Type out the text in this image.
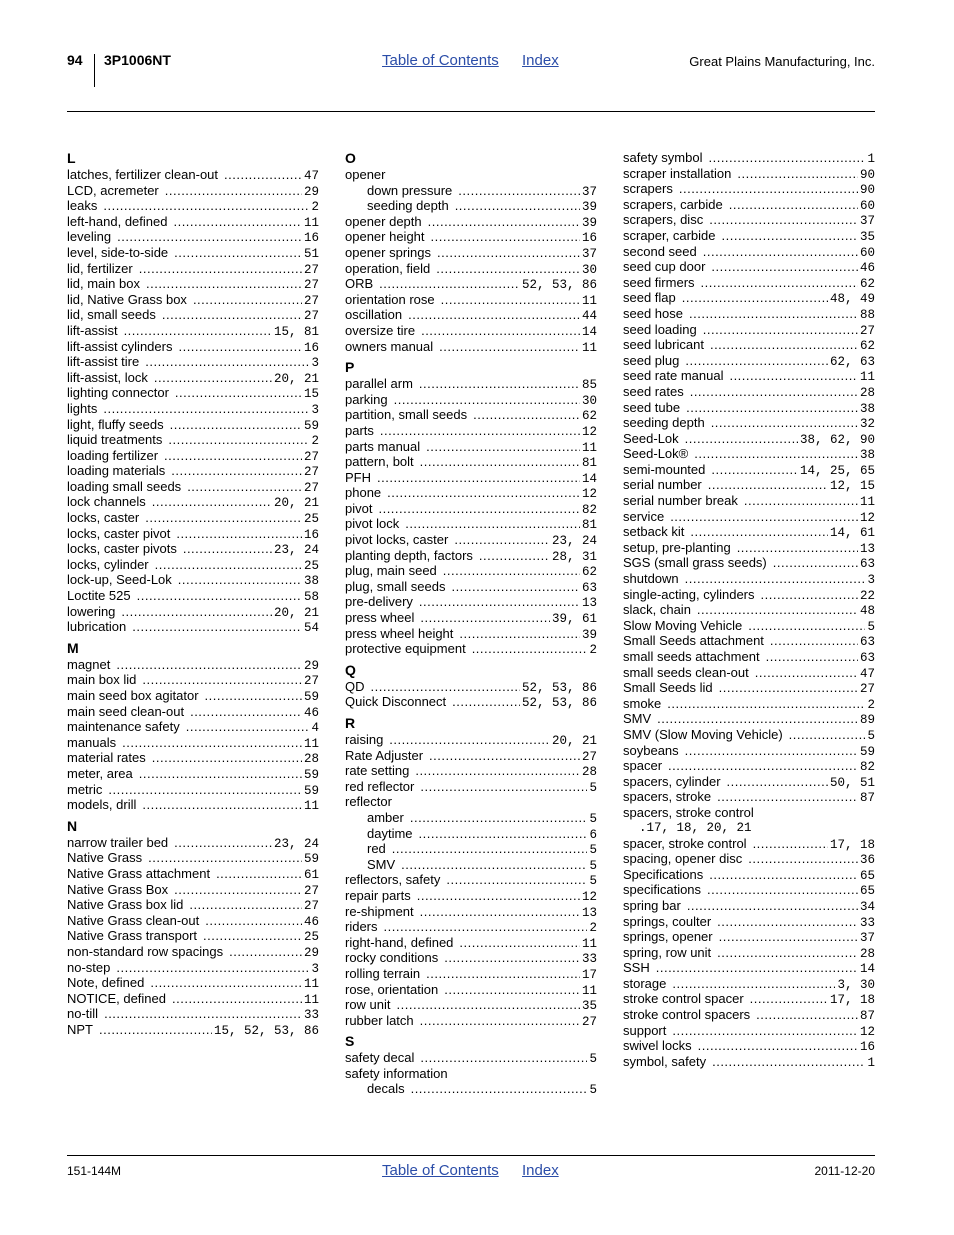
94 3P1006NT	Table of Contents Index	Great Plains Manufacturing, Inc.
L
latches, fertilizer clean-out .....	47
LCD, acremeter .....	29
leaks .....	2
left-hand, defined .....	11
leveling .....	16
level, side-to-side .....	51
lid, fertilizer .....	27
lid, main box .....	27
lid, Native Grass box .....	27
lid, small seeds .....	27
lift-assist .....	15, 81
lift-assist cylinders .....	16
lift-assist tire .....	3
lift-assist, lock .....	20, 21
lighting connector .....	15
lights .....	3
light, fluffy seeds .....	59
liquid treatments .....	2
loading fertilizer .....	27
loading materials .....	27
loading small seeds .....	27
lock channels .....	20, 21
locks, caster .....	25
locks, caster pivot .....	16
locks, caster pivots .....	23, 24
locks, cylinder .....	25
lock-up, Seed-Lok .....	38
Loctite 525 .....	58
lowering .....	20, 21
lubrication .....	54
M
magnet .....	29
main box lid .....	27
main seed box agitator .....	59
main seed clean-out .....	46
maintenance safety .....	4
manuals .....	11
material rates .....	28
meter, area .....	59
metric .....	59
models, drill .....	11
N
narrow trailer bed .....	23, 24
Native Grass .....	59
Native Grass attachment .....	61
Native Grass Box .....	27
Native Grass box lid .....	27
Native Grass clean-out .....	46
Native Grass transport .....	25
non-standard row spacings .....	29
no-step .....	3
Note, defined .....	11
NOTICE, defined .....	11
no-till .....	33
NPT .....	15, 52, 53, 86
O
opener
down pressure .....	37
seeding depth .....	39
opener depth .....	39
opener height .....	16
opener springs .....	37
operation, field .....	30
ORB .....	52, 53, 86
orientation rose .....	11
oscillation .....	44
oversize tire .....	14
owners manual .....	11
P
parallel arm .....	85
parking .....	30
partition, small seeds .....	62
parts .....	12
parts manual .....	11
pattern, bolt .....	81
PFH .....	14
phone .....	12
pivot .....	82
pivot lock .....	81
pivot locks, caster .....	23, 24
planting depth, factors .....	28, 31
plug, main seed .....	62
plug, small seeds .....	63
pre-delivery .....	13
press wheel .....	39, 61
press wheel height .....	39
protective equipment .....	2
Q
QD .....	52, 53, 86
Quick Disconnect .....	52, 53, 86
R
raising .....	20, 21
Rate Adjuster .....	27
rate setting .....	28
red reflector .....	5
reflector
amber .....	5
daytime .....	6
red .....	5
SMV .....	5
reflectors, safety .....	5
repair parts .....	12
re-shipment .....	13
riders .....	2
right-hand, defined .....	11
rocky conditions .....	33
rolling terrain .....	17
rose, orientation .....	11
row unit .....	35
rubber latch .....	27
S
safety decal .....	5
safety information
decals .....	5
safety symbol .....	1
scraper installation .....	90
scrapers .....	90
scrapers, carbide .....	60
scrapers, disc .....	37
scraper, carbide .....	35
second seed .....	60
seed cup door .....	46
seed firmers .....	62
seed flap .....	48, 49
seed hose .....	88
seed loading .....	27
seed lubricant .....	62
seed plug .....	62, 63
seed rate manual .....	11
seed rates .....	28
seed tube .....	38
seeding depth .....	32
Seed-Lok .....	38, 62, 90
Seed-Lok® .....	38
semi-mounted .....	14, 25, 65
serial number .....	12, 15
serial number break .....	11
service .....	12
setback kit .....	14, 61
setup, pre-planting .....	13
SGS (small grass seeds) .....	63
shutdown .....	3
single-acting, cylinders .....	22
slack, chain .....	48
Slow Moving Vehicle .....	5
Small Seeds attachment .....	63
small seeds attachment .....	63
small seeds clean-out .....	47
Small Seeds lid .....	27
smoke .....	2
SMV .....	89
SMV (Slow Moving Vehicle) .....	5
soybeans .....	59
spacer .....	82
spacers, cylinder .....	50, 51
spacers, stroke .....	87
spacers, stroke control
.17, 18, 20, 21
spacer, stroke control .....	17, 18
spacing, opener disc .....	36
Specifications .....	65
specifications .....	65
spring bar .....	34
springs, coulter .....	33
springs, opener .....	37
spring, row unit .....	28
SSH .....	14
storage .....	3, 30
stroke control spacer .....	17, 18
stroke control spacers .....	87
support .....	12
swivel locks .....	16
symbol, safety .....	1
151-144M	Table of Contents Index	2011-12-20
